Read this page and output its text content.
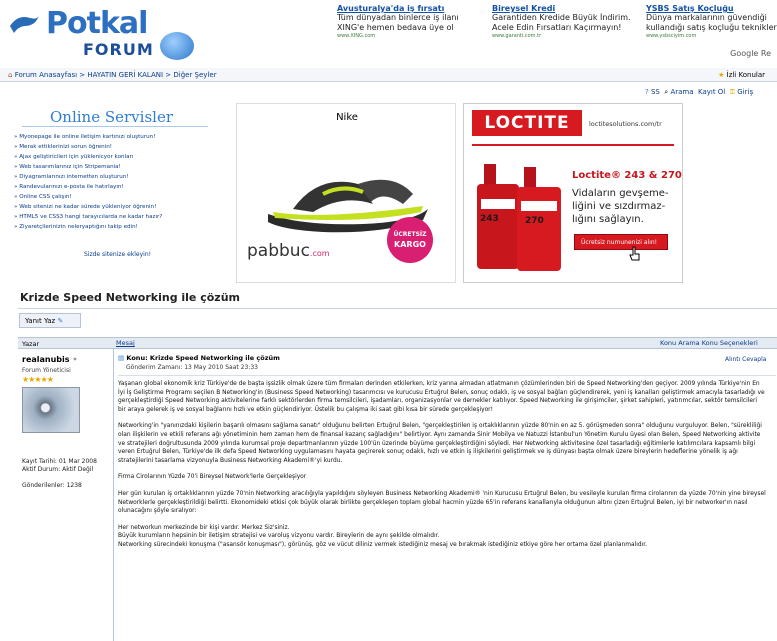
Potkal
FORUM
Avusturalya'da iş fırsatı
Tüm dünyadan binlerce iş ilanı
XING'e hemen bedava üye ol
www.XING.com
Bireysel Kredi
Garantiden Kredide Büyük İndirim.
Acele Edin Fırsatları Kaçırmayın!
www.garanti.com.tr
YSBS Satış Koçluğu
Dünya markalarının güvendiği
kullandığı satış koçluğu teknikler
www.ysbsciyim.com
Google Re
⌂ Forum Anasayfası > HAYATIN GERİ KALANI > Diğer Şeyler	★ İzli Konular
? SS ⌕ Arama Kayıt Ol ⚿ Giriş
Online Servisler
» Myonepage ile online iletişim kartınızı oluşturun!
» Merak ettiklerinizi sorun öğrenin!
» Ajax geliştiricileri için yüklenicyor konları
» Web tasarımlarınız için Stripemania!
» Diyagramlarınızı internetten oluşturun!
» Randevularınızı e-posta ile hatırlayın!
» Online CSS çalışın!
» Web sitenizi ne kadar sürede yükleniyor öğrenin!
» HTML5 ve CSS3 hangi tarayıcılarda ne kadar hazır?
» Ziyaretçilerinizin neleryaptığını takip edin!
Sizde sitenize ekleyin!
Nike
pabbuc.com
ÜCRETSİZ
KARGO
LOCTITE	loctitesolutions.com/tr
243	270
Loctite® 243 & 270
Vidaların gevşeme-
liğini ve sızdırmaz-
lığını sağlayın.
Ücretsiz numunenizi alın!
Krizde Speed Networking ile çözüm
Yanıt Yaz ✎
Yazar	Mesaj	Konu Arama Konu Seçenekleri
realanubis •
Forum Yöneticisi
★★★★★
Kayıt Tarihi: 01 Mar 2008
Aktif Durum: Aktif Değil
Gönderilenler: 1238
▤ Konu: Krizde Speed Networking ile çözüm
Gönderim Zamanı: 13 May 2010 Saat 23:33
Alıntı Cevapla

Yaşanan global ekonomik kriz Türkiye'de de başta işsizlik olmak üzere tüm firmaları derinden etkilerken, kriz yarına almadan atlatmanın çözümlerinden biri de Speed Networking'den geçiyor. 2009 yılında Türkiye'nin En İyi İş Geliştirme Programı seçilen B Networking'in (Business Speed Networking) tasarımcısı ve kurucusu Ertuğrul Belen, sonuç odaklı, iş ve sosyal bağları güçlendirerek, yeni iş kanalları geliştirmek amacıyla tasarladığı ve gerçekleştirdiği Speed Networking aktivitelerine farklı sektörlerden firma temsilcileri, işadamları, organizasyonlar ve dernekler katılıyor. Speed Networking ile girişimciler, şirket sahipleri, yatırımcılar, sektör temsilcileri bir araya gelerek iş ve sosyal bağlarını hızlı ve etkin güçlendiriyor. Üstelik bu çalışma iki saat gibi kısa bir sürede gerçekleşiyor!

Networking'in "yanınızdaki kişilerin başarılı olmasını sağlama sanatı" olduğunu belirten Ertuğrul Belen, "gerçekleştirilen iş ortaklıklarının yüzde 80'nin en az 5. görüşmeden sonra" olduğunu vurguluyor. Belen, "sürekliliği olan ilişkilerin ve etkili referans ağı yönetiminin hem zaman hem de finansal kazanç sağladığını" belirtiyor. Aynı zamanda Sinir Mobilya ve Natuzzi İstanbul'un Yönetim Kurulu üyesi olan Belen, Speed Networking aktivite ve stratejileri doğrultusunda 2009 yılında kurumsal proje departmanlarının yüzde 100'ün üzerinde büyüme gerçekleştirdiğini söyledi. Her Networking aktivitesine özel tasarladığı eğitimlerle katılımcılara kapsamlı bilgi veren Ertuğrul Belen, Türkiye'de ilk defa Speed Networking uygulamasını hayata geçirerek sonuç odaklı, hızlı ve etkin iş ilişkilerini geliştirmek ve iş dünyası başta olmak üzere bireylerin hedeflerine yönelik iş ağı stratejilerini tasarlama vizyonuyla Business Networking Akademi®'yi kurdu.

Firma Cirolarının Yüzde 70'i Bireysel Network'lerle Gerçekleşiyor

Her gün kurulan iş ortaklıklarının yüzde 70'nin Networking aracılığıyla yapıldığını söyleyen Business Networking Akademi® 'nin Kurucusu Ertuğrul Belen, bu vesileyle kurulan firma cirolarının da yüzde 70'nin yine bireysel Networklerle gerçekleştirildiği belirtti. Ekonomideki etkisi çok büyük olarak birlikte gerçekleşen toplam global hacmin yüzde 65'in referans kanallarıyla olduğunun altını çizen Ertuğrul Belen, iyi bir networker'ın nasıl olunacağını şöyle sıralıyor:

Her networkun merkezinde bir kişi vardır. Merkez Siz'siniz.

Büyük kurumların hepsinin bir iletişim stratejisi ve varoluş vizyonu vardır. Bireylerin de aynı şekilde olmalıdır.

Networking sürecindeki konuşma ("asansör konuşması"), görünüş, göz ve vücut diliniz vermek istediğiniz mesaj ve bırakmak istediğiniz etkiye göre her ortama özel planlanmalıdır.
